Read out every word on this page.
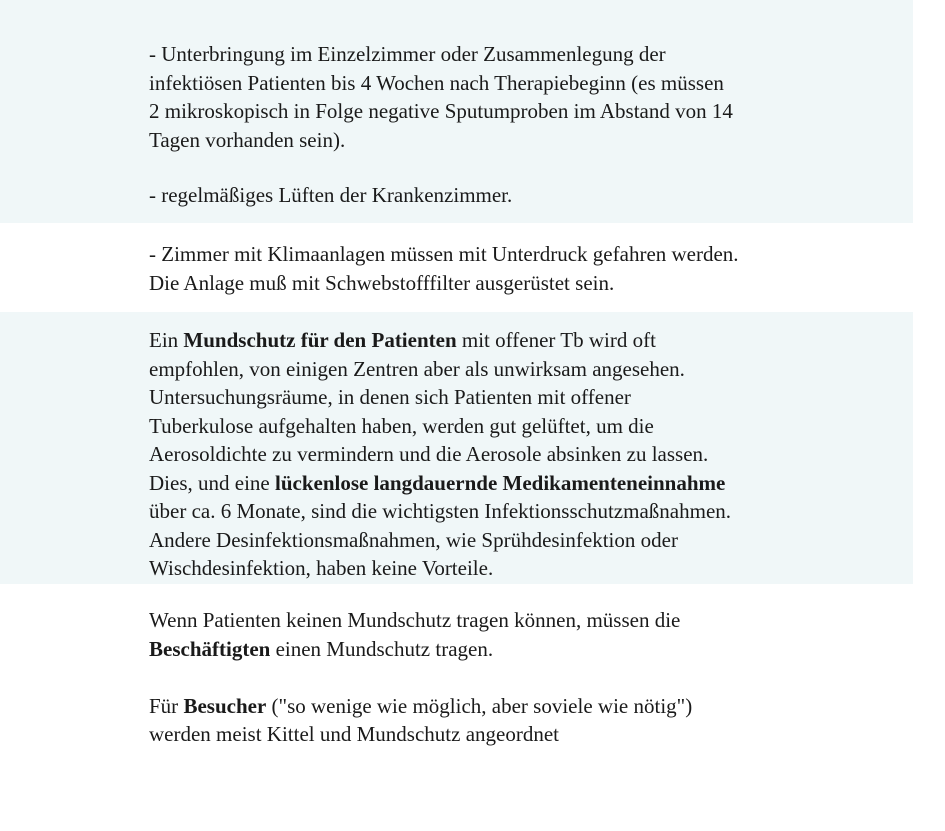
- Unterbringung im Einzelzimmer oder Zusammenlegung der
infektiösen Patienten bis 4 Wochen nach Therapiebeginn (es müssen
2 mikroskopisch in Folge negative Sputumproben im Abstand von 14
Tagen vorhanden sein).

- regelmäßiges Lüften der Krankenzimmer.

- Zimmer mit Klimaanlagen müssen mit Unterdruck gefahren werden.
Die Anlage muß mit Schwebstofffilter ausgerüstet sein.

Ein Mundschutz für den Patienten mit offener Tb wird oft
empfohlen, von einigen Zentren aber als unwirksam angesehen.
Untersuchungsräume, in denen sich Patienten mit offener
Tuberkulose aufgehalten haben, werden gut gelüftet, um die
Aerosoldichte zu vermindern und die Aerosole absinken zu lassen.
Dies, und eine lückenlose langdauernde Medikamenteneinnahme
über ca. 6 Monate, sind die wichtigsten Infektionsschutzmaßnahmen.
Andere Desinfektionsmaßnahmen, wie Sprühdesinfektion oder
Wischdesinfektion, haben keine Vorteile.

Wenn Patienten keinen Mundschutz tragen können, müssen die
Beschäftigten einen Mundschutz tragen.

Für Besucher ("so wenige wie möglich, aber soviele wie nötig")
werden meist Kittel und Mundschutz angeordnet
